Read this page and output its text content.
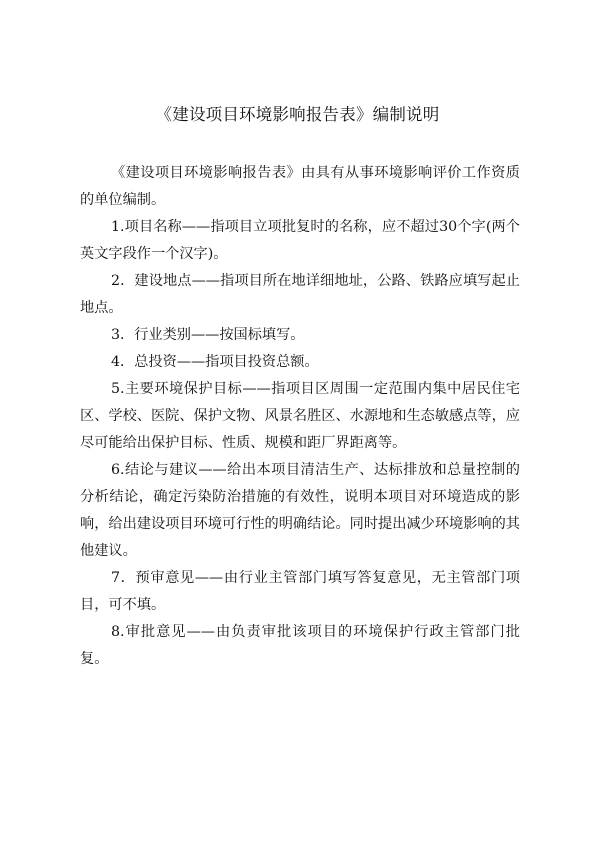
《建设项目环境影响报告表》编制说明

《建设项目环境影响报告表》由具有从事环境影响评价工作资质的单位编制。

1.项目名称——指项目立项批复时的名称，应不超过30个字(两个英文字段作一个汉字)。

2．建设地点——指项目所在地详细地址，公路、铁路应填写起止地点。

3．行业类别——按国标填写。

4．总投资——指项目投资总额。

5.主要环境保护目标——指项目区周围一定范围内集中居民住宅区、学校、医院、保护文物、风景名胜区、水源地和生态敏感点等，应尽可能给出保护目标、性质、规模和距厂界距离等。

6.结论与建议——给出本项目清洁生产、达标排放和总量控制的分析结论，确定污染防治措施的有效性，说明本项目对环境造成的影响，给出建设项目环境可行性的明确结论。同时提出减少环境影响的其他建议。

7．预审意见——由行业主管部门填写答复意见，无主管部门项目，可不填。

8.审批意见——由负责审批该项目的环境保护行政主管部门批复。
